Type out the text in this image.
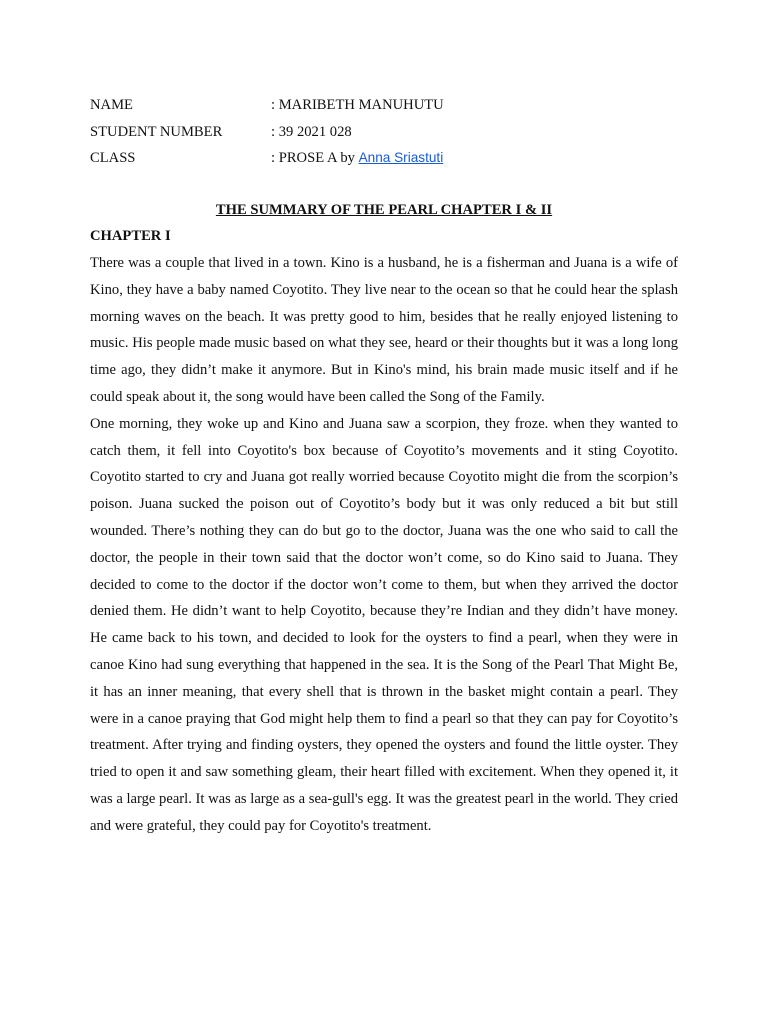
NAME	: MARIBETH MANUHUTU
STUDENT NUMBER	: 39 2021 028
CLASS	: PROSE A by Anna Sriastuti
THE SUMMARY OF THE PEARL CHAPTER I & II
CHAPTER I

There was a couple that lived in a town. Kino is a husband, he is a fisherman and Juana is a wife of Kino, they have a baby named Coyotito. They live near to the ocean so that he could hear the splash morning waves on the beach. It was pretty good to him, besides that he really enjoyed listening to music. His people made music based on what they see, heard or their thoughts but it was a long long time ago, they didn’t make it anymore. But in Kino's mind, his brain made music itself and if he could speak about it, the song would have been called the Song of the Family.

One morning, they woke up and Kino and Juana saw a scorpion, they froze. when they wanted to catch them, it fell into Coyotito's box because of Coyotito’s movements and it sting Coyotito. Coyotito started to cry and Juana got really worried because Coyotito might die from the scorpion’s poison. Juana sucked the poison out of Coyotito’s body but it was only reduced a bit but still wounded. There’s nothing they can do but go to the doctor, Juana was the one who said to call the doctor, the people in their town said that the doctor won’t come, so do Kino said to Juana. They decided to come to the doctor if the doctor won’t come to them, but when they arrived the doctor denied them. He didn’t want to help Coyotito, because they’re Indian and they didn’t have money. He came back to his town, and decided to look for the oysters to find a pearl, when they were in canoe Kino had sung everything that happened in the sea. It is the Song of the Pearl That Might Be, it has an inner meaning, that every shell that is thrown in the basket might contain a pearl. They were in a canoe praying that God might help them to find a pearl so that they can pay for Coyotito’s treatment. After trying and finding oysters, they opened the oysters and found the little oyster. They tried to open it and saw something gleam, their heart filled with excitement. When they opened it, it was a large pearl. It was as large as a sea-gull's egg. It was the greatest pearl in the world. They cried and were grateful, they could pay for Coyotito's treatment.
